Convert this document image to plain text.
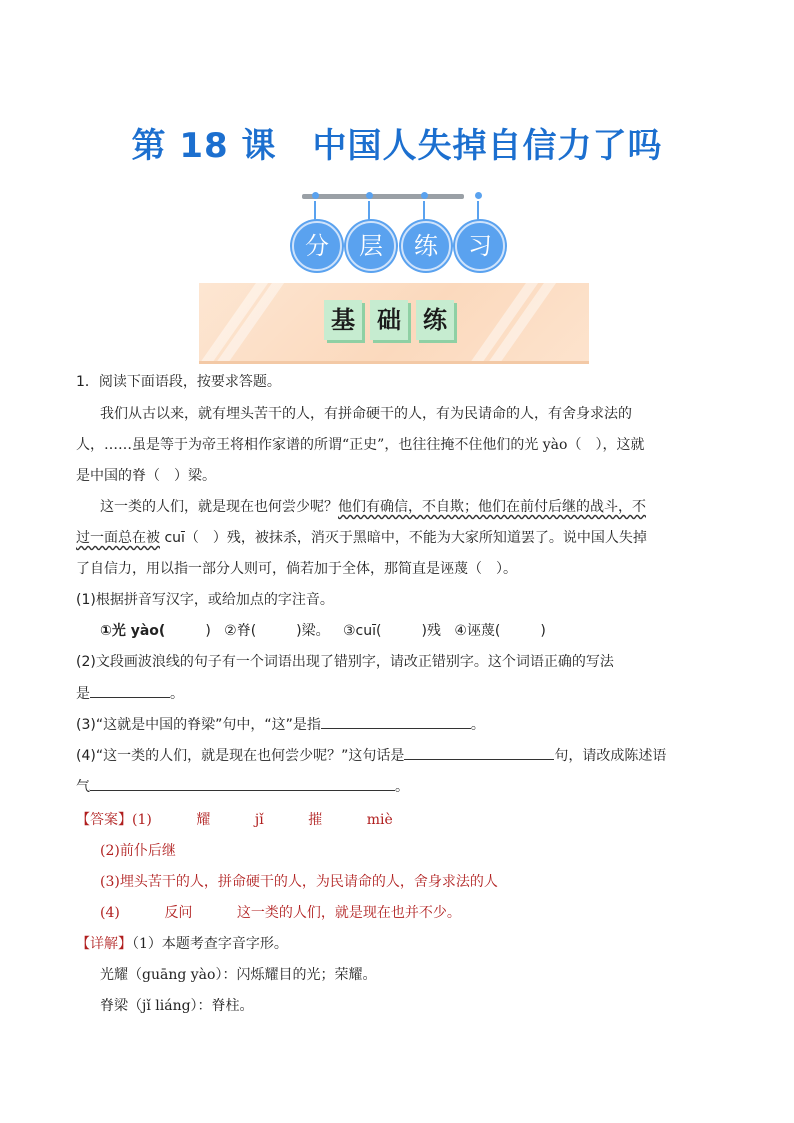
第 18 课 中国人失掉自信力了吗
分	层	练	习
基 础 练
1．阅读下面语段，按要求答题。
我们从古以来，就有埋头苦干的人，有拼命硬干的人，有为民请命的人，有舍身求法的
人，……虽是等于为帝王将相作家谱的所谓“正史”，也往往掩不住他们的光 yào（　），这就
是中国的脊（　）梁。
这一类的人们，就是现在也何尝少呢？他们有确信，不自欺；他们在前付后继的战斗，不
过一面总在被 cuī（　）残，被抹杀，消灭于黑暗中，不能为大家所知道罢了。说中国人失掉
了自信力，用以指一部分人则可，倘若加于全体，那简直是诬蔑（　）。
(1)根据拼音写汉字，或给加点的字注音。
①光 yào(	) ②脊(	)梁。 ③cuī(	)残 ④诬蔑(	)
(2)文段画波浪线的句子有一个词语出现了错别字，请改正错别字。这个词语正确的写法
是	。
(3)“这就是中国的脊梁”句中，“这”是指	。
(4)“这一类的人们，就是现在也何尝少呢？”这句话是	句，请改成陈述语
气	。
【答案】(1)	耀	jǐ	摧	miè
(2)前仆后继
(3)埋头苦干的人，拼命硬干的人，为民请命的人，舍身求法的人
(4)	反问	这一类的人们，就是现在也并不少。
【详解】（1）本题考查字音字形。
光耀（guāng yào）：闪烁耀目的光；荣耀。
脊梁（jǐ liáng）：脊柱。
